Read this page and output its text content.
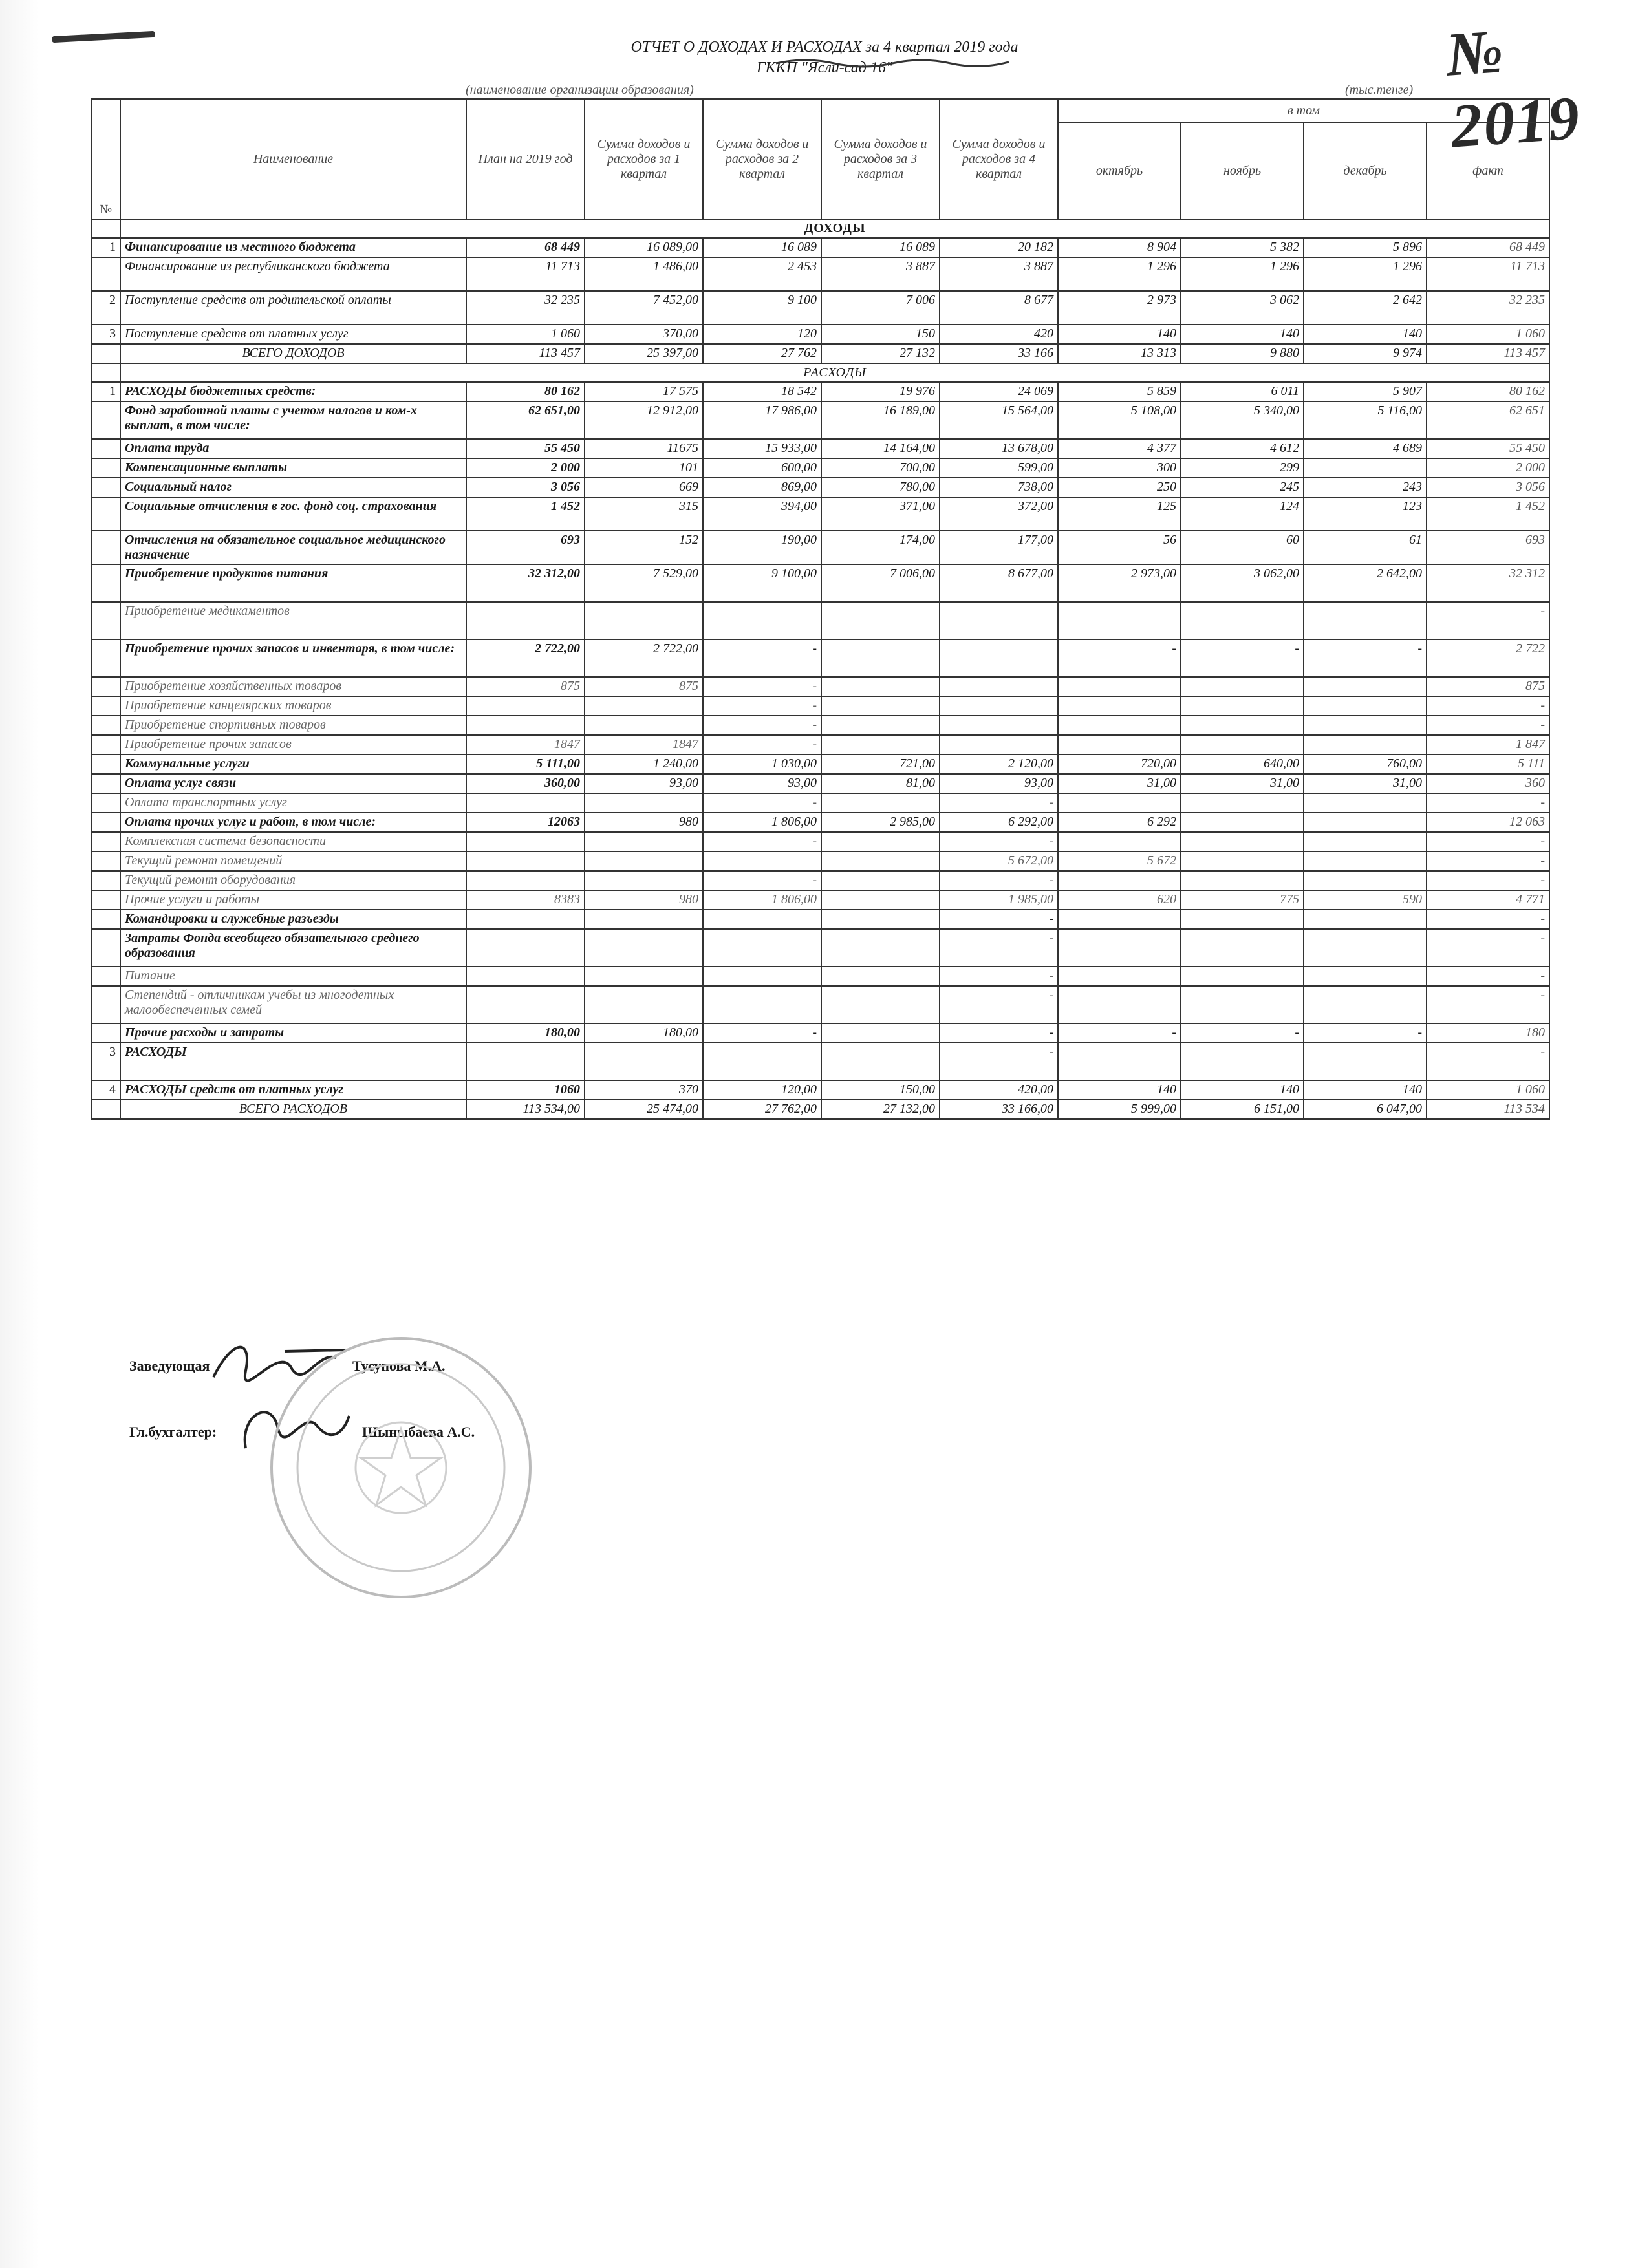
№ 2019
ОТЧЕТ О ДОХОДАХ И РАСХОДАХ за 4 квартал 2019 года
ГККП "Ясли-сад 16"
(наименование организации образования)	(тыс.тенге)
№	Наименование	План на 2019 год	Сумма доходов и расходов за 1 квартал	Сумма доходов и расходов за 2 квартал	Сумма доходов и расходов за 3 квартал	Сумма доходов и расходов за 4 квартал	в том			
							октябрь	ноябрь	декабрь	факт
	ДОХОДЫ									
1	Финансирование из местного бюджета	68 449	16 089,00	16 089	16 089	20 182	8 904	5 382	5 896	68 449
	Финансирование из республиканского бюджета	11 713	1 486,00	2 453	3 887	3 887	1 296	1 296	1 296	11 713
2	Поступление средств от родительской оплаты	32 235	7 452,00	9 100	7 006	8 677	2 973	3 062	2 642	32 235
3	Поступление средств от платных услуг	1 060	370,00	120	150	420	140	140	140	1 060
	ВСЕГО ДОХОДОВ	113 457	25 397,00	27 762	27 132	33 166	13 313	9 880	9 974	113 457
	РАСХОДЫ									
1	РАСХОДЫ бюджетных средств:	80 162	17 575	18 542	19 976	24 069	5 859	6 011	5 907	80 162
	Фонд заработной платы с учетом налогов и ком-х выплат, в том числе:	62 651,00	12 912,00	17 986,00	16 189,00	15 564,00	5 108,00	5 340,00	5 116,00	62 651
	Оплата труда	55 450	11675	15 933,00	14 164,00	13 678,00	4 377	4 612	4 689	55 450
	Компенсационные выплаты	2 000	101	600,00	700,00	599,00	300	299		2 000
	Социальный налог	3 056	669	869,00	780,00	738,00	250	245	243	3 056
	Социальные отчисления в гос. фонд соц. страхования	1 452	315	394,00	371,00	372,00	125	124	123	1 452
	Отчисления на обязательное социальное медицинского назначение	693	152	190,00	174,00	177,00	56	60	61	693
	Приобретение продуктов питания	32 312,00	7 529,00	9 100,00	7 006,00	8 677,00	2 973,00	3 062,00	2 642,00	32 312
	Приобретение медикаментов									-
	Приобретение прочих запасов и инвентаря, в том числе:	2 722,00	2 722,00	-			-	-	-	2 722
	Приобретение хозяйственных товаров	875	875	-						875
	Приобретение канцелярских товаров			-						-
	Приобретение спортивных товаров			-						-
	Приобретение прочих запасов	1847	1847	-						1 847
	Коммунальные услуги	5 111,00	1 240,00	1 030,00	721,00	2 120,00	720,00	640,00	760,00	5 111
	Оплата услуг связи	360,00	93,00	93,00	81,00	93,00	31,00	31,00	31,00	360
	Оплата транспортных услуг			-		-				-
	Оплата прочих услуг и работ, в том числе:	12063	980	1 806,00	2 985,00	6 292,00	6 292			12 063
	Комплексная система безопасности			-		-				-
	Текущий ремонт помещений					5 672,00	5 672			-
	Текущий ремонт оборудования			-		-				-
	Прочие услуги и работы	8383	980	1 806,00		1 985,00	620	775	590	4 771
	Командировки и служебные разъезды					-				-
	Затраты Фонда всеобщего обязательного среднего образования					-				-
	Питание					-				-
	Степендий - отличникам учебы из многодетных малообеспеченных семей					-				-
	Прочие расходы и затраты	180,00	180,00	-		-	-	-	-	180
3	РАСХОДЫ					-				-
4	РАСХОДЫ средств от платных услуг	1060	370	120,00	150,00	420,00	140	140	140	1 060
	ВСЕГО РАСХОДОВ	113 534,00	25 474,00	27 762,00	27 132,00	33 166,00	5 999,00	6 151,00	6 047,00	113 534
Заведующая	Тусупова М.А.
Гл.бухгалтер:	Шыныбаева А.С.
